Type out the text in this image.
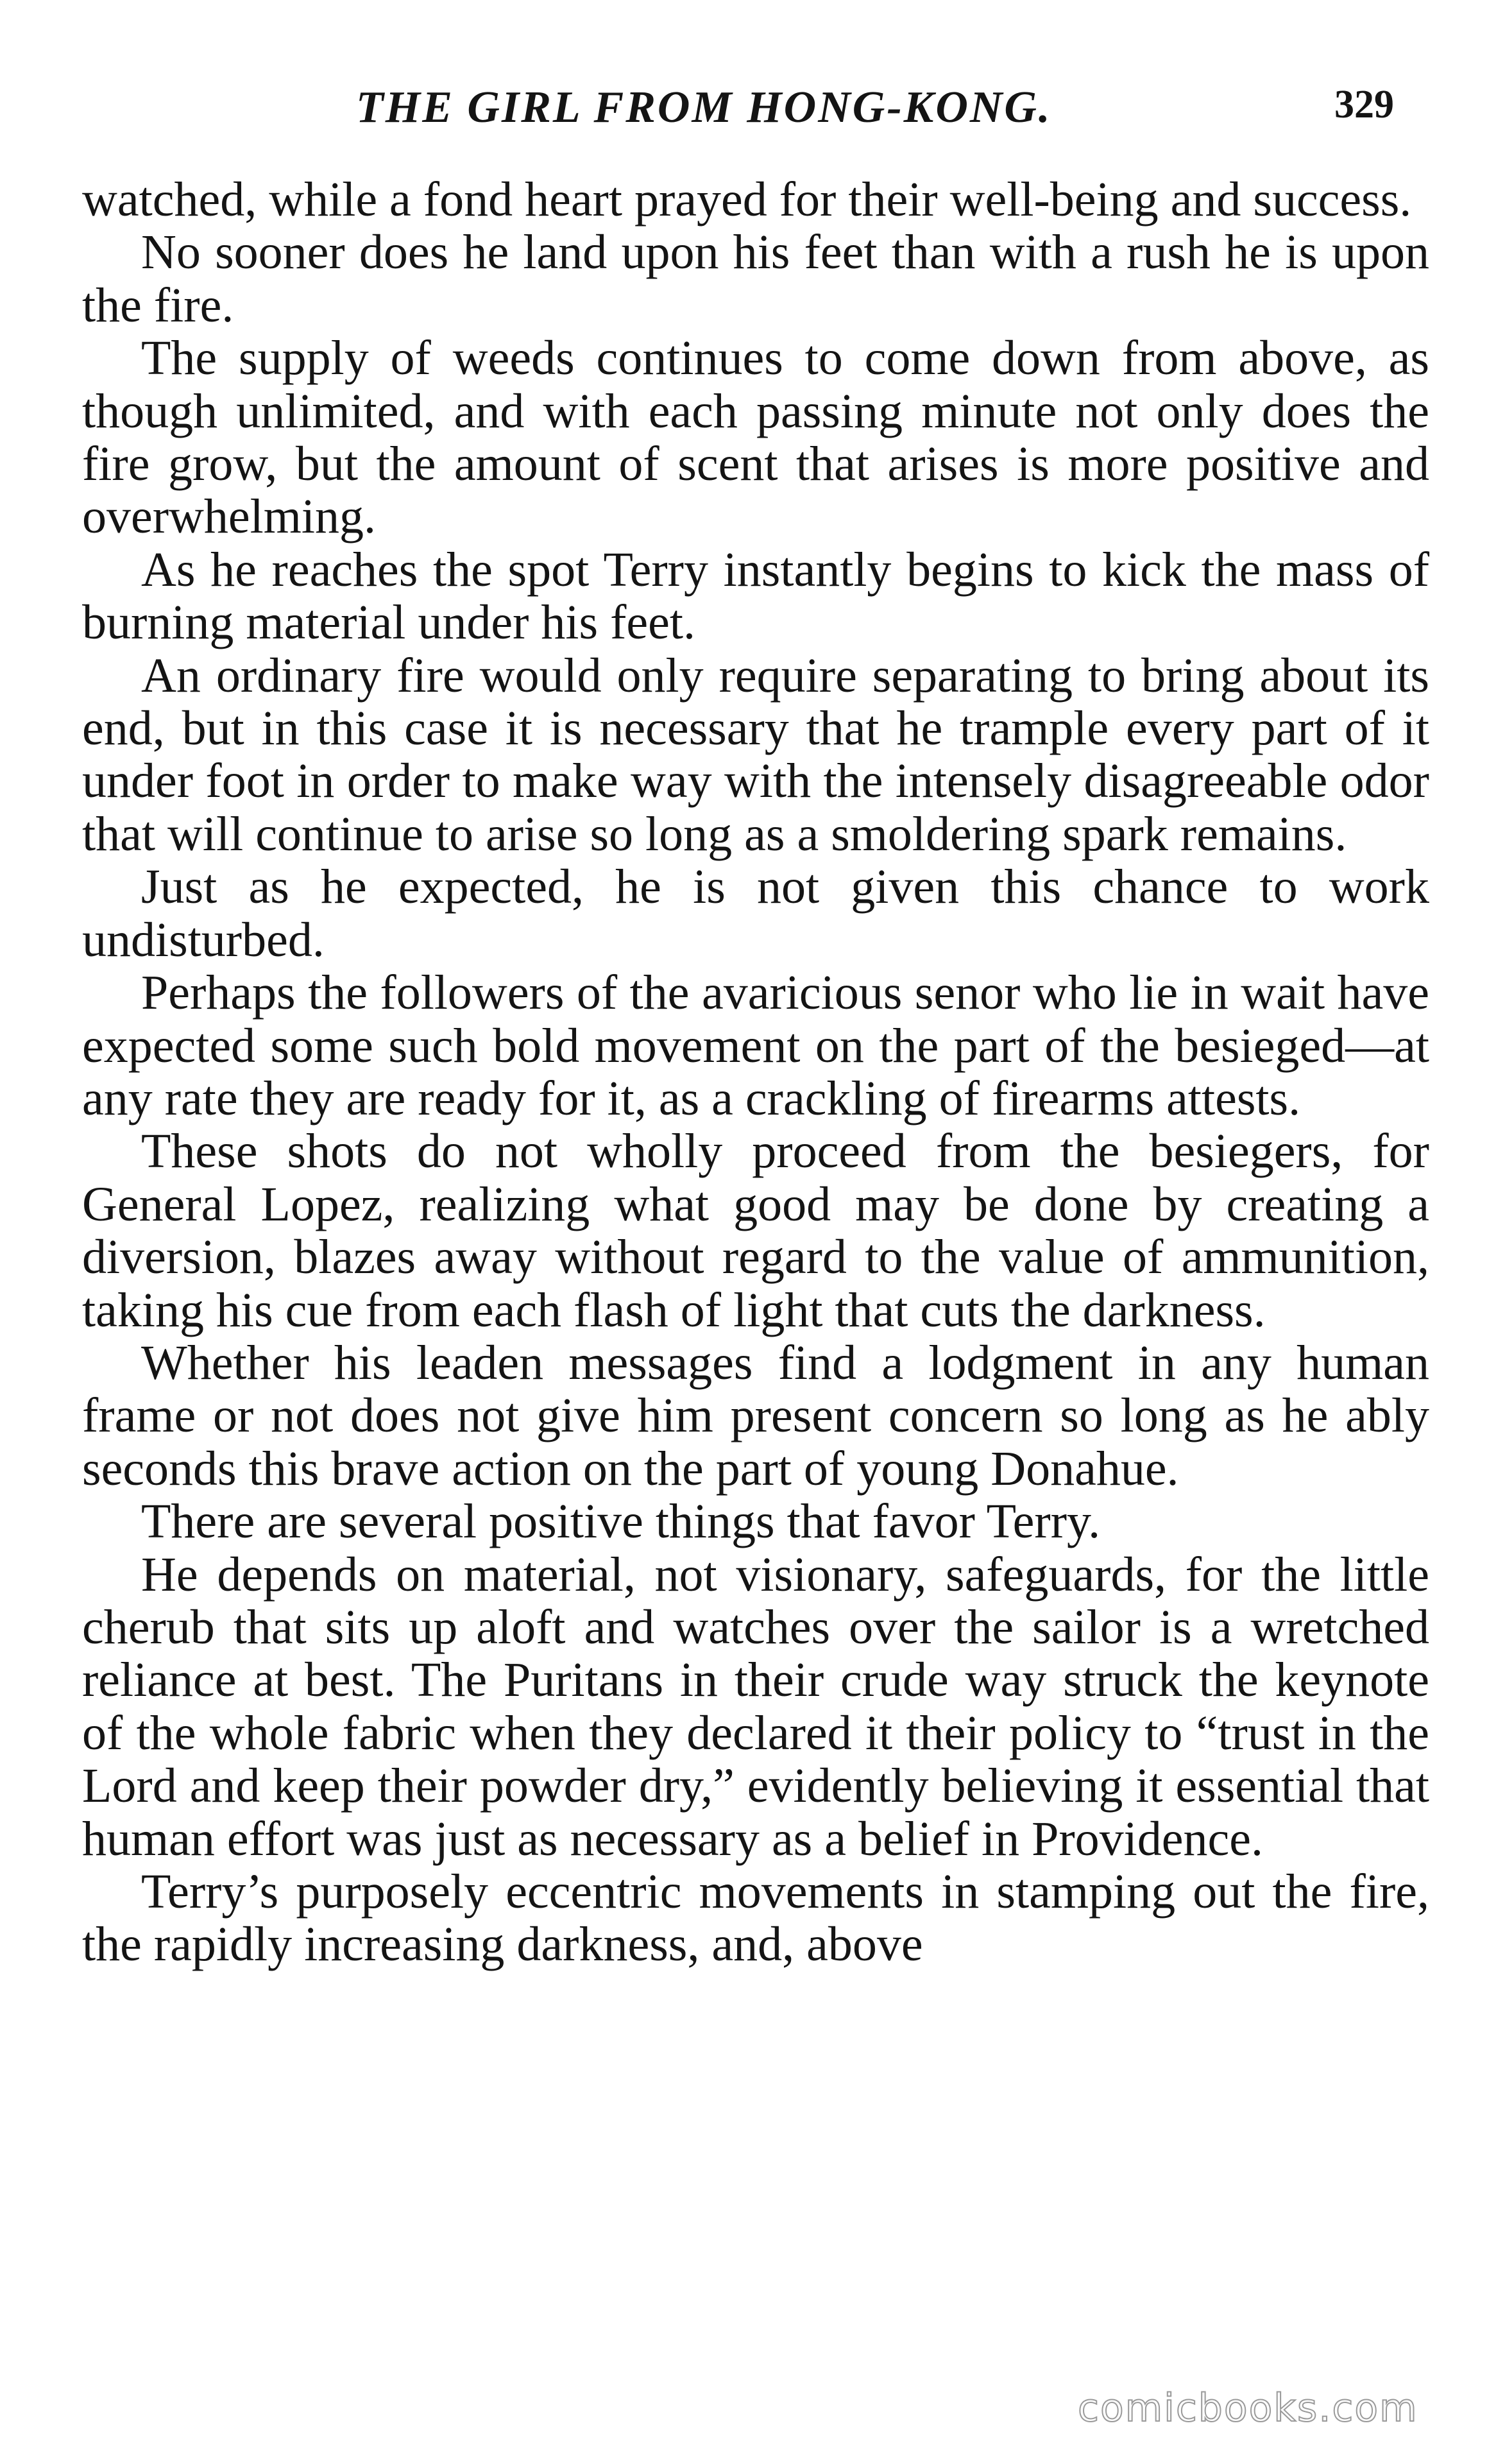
THE GIRL FROM HONG-KONG.	329

watched, while a fond heart prayed for their well-being and success.

No sooner does he land upon his feet than with a rush he is upon the fire.

The supply of weeds continues to come down from above, as though unlimited, and with each passing minute not only does the fire grow, but the amount of scent that arises is more positive and overwhelming.

As he reaches the spot Terry instantly begins to kick the mass of burning material under his feet.

An ordinary fire would only require separating to bring about its end, but in this case it is necessary that he trample every part of it under foot in order to make way with the intensely disagreeable odor that will continue to arise so long as a smoldering spark remains.

Just as he expected, he is not given this chance to work undisturbed.

Perhaps the followers of the avaricious senor who lie in wait have expected some such bold movement on the part of the besieged—at any rate they are ready for it, as a crackling of firearms attests.

These shots do not wholly proceed from the besiegers, for General Lopez, realizing what good may be done by creating a diversion, blazes away without regard to the value of ammunition, taking his cue from each flash of light that cuts the darkness.

Whether his leaden messages find a lodgment in any human frame or not does not give him present concern so long as he ably seconds this brave action on the part of young Donahue.

There are several positive things that favor Terry.

He depends on material, not visionary, safeguards, for the little cherub that sits up aloft and watches over the sailor is a wretched reliance at best. The Puritans in their crude way struck the keynote of the whole fabric when they declared it their policy to “trust in the Lord and keep their powder dry,” evidently believing it essential that human effort was just as necessary as a belief in Providence.

Terry’s purposely eccentric movements in stamping out the fire, the rapidly increasing darkness, and, above

comicbooks.com
